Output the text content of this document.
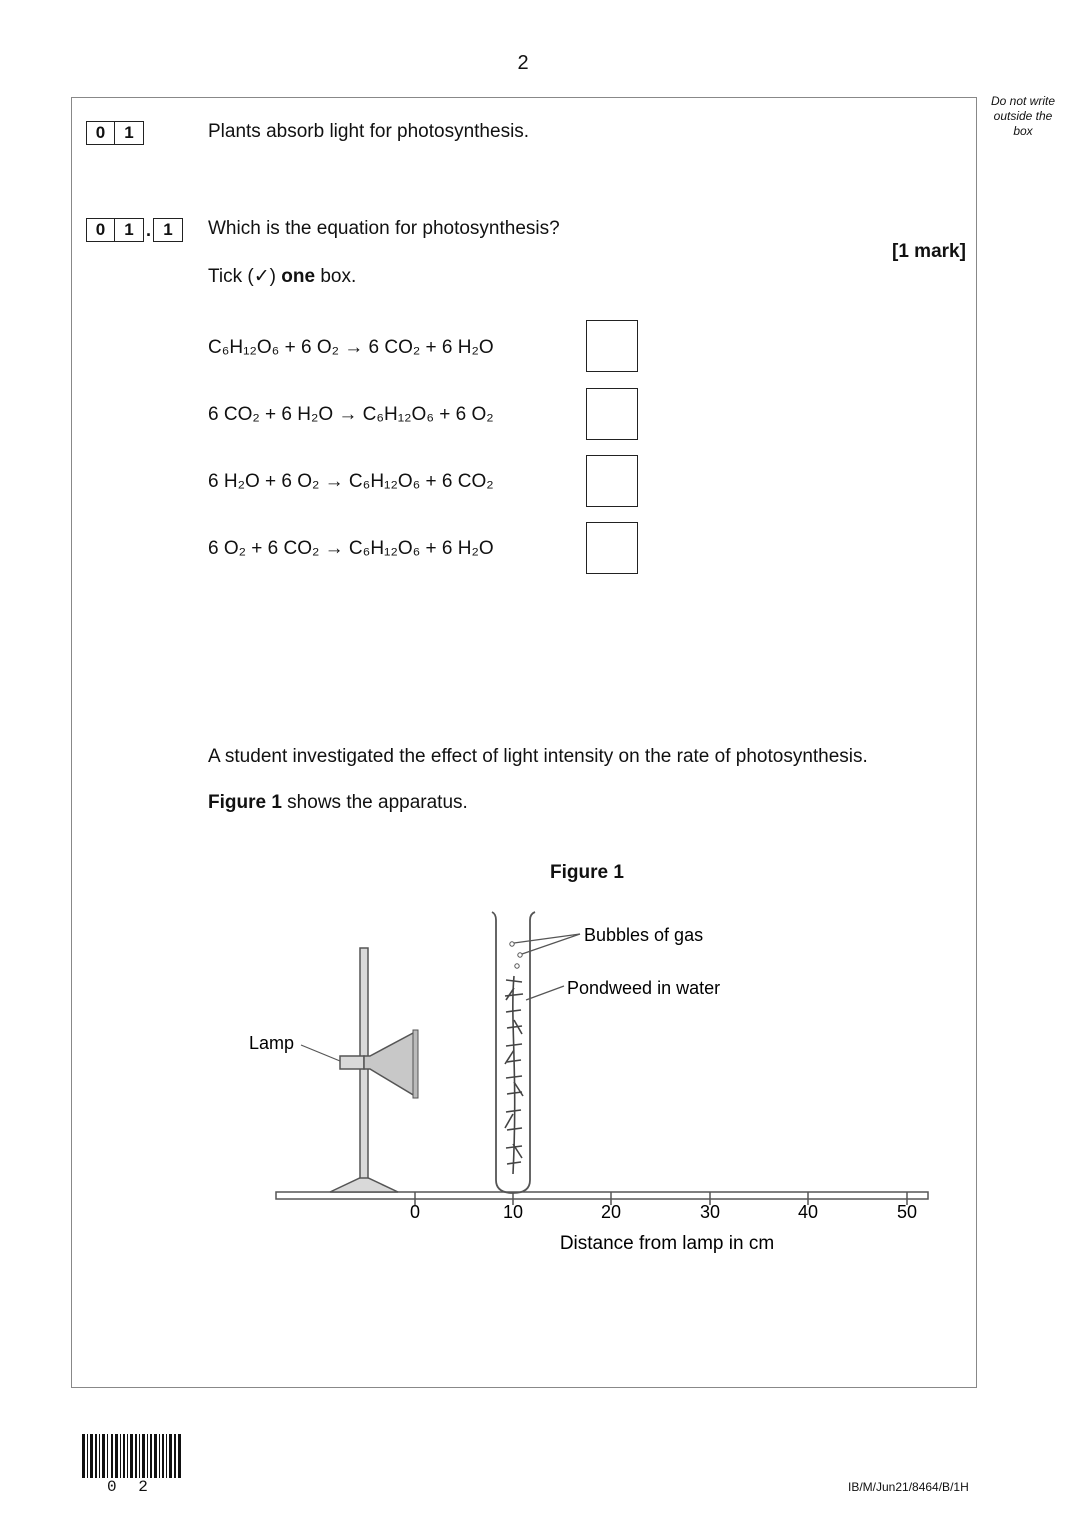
2
Do not write outside the box
0	1	Plants absorb light for photosynthesis.
0	1 . 1	Which is the equation for photosynthesis?
[1 mark]
Tick (✓) one box.
C₆H₁₂O₆ + 6 O₂ → 6 CO₂ + 6 H₂O
6 CO₂ + 6 H₂O → C₆H₁₂O₆ + 6 O₂
6 H₂O + 6 O₂ → C₆H₁₂O₆ + 6 CO₂
6 O₂ + 6 CO₂ → C₆H₁₂O₆ + 6 H₂O
A student investigated the effect of light intensity on the rate of photosynthesis.
Figure 1 shows the apparatus.
Figure 1
0	10	20	30	40	50
Distance from lamp in cm
Lamp
Bubbles of gas
Pondweed in water
0 2	IB/M/Jun21/8464/B/1H
